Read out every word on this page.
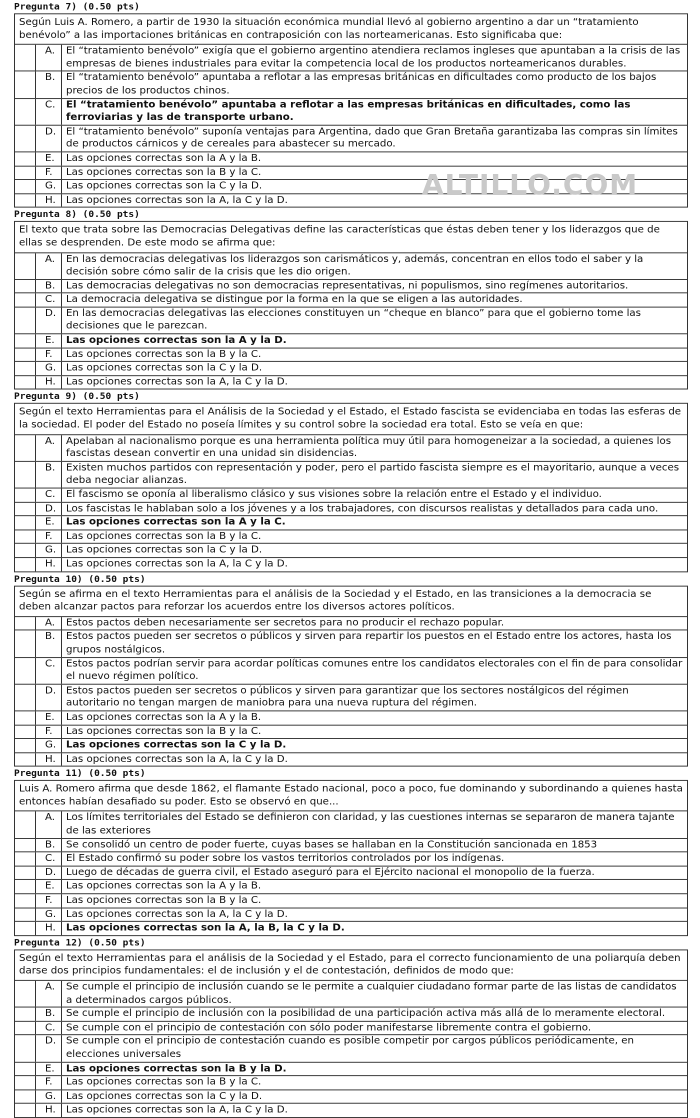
Pregunta 7) (0.50 pts)
Según Luis A. Romero, a partir de 1930 la situación económica mundial llevó al gobierno argentino a dar un “tratamiento benévolo” a las importaciones británicas en contraposición con las norteamericanas. Esto significaba que:
A.	El “tratamiento benévolo” exigía que el gobierno argentino atendiera reclamos ingleses que apuntaban a la crisis de las empresas de bienes industriales para evitar la competencia local de los productos norteamericanos durables.
B.	El “tratamiento benévolo” apuntaba a reflotar a las empresas británicas en dificultades como producto de los bajos precios de los productos chinos.
C.	El “tratamiento benévolo” apuntaba a reflotar a las empresas británicas en dificultades, como las ferroviarias y las de transporte urbano.
D. El “tratamiento benévolo” suponía ventajas para Argentina, dado que Gran Bretaña garantizaba las compras sin límites de productos cárnicos y de cereales para abastecer su mercado.
E.	Las opciones correctas son la A y la B.
F.	Las opciones correctas son la B y la C.
G. Las opciones correctas son la C y la D.
H.	Las opciones correctas son la A, la C y la D.
Pregunta 8) (0.50 pts)
El texto que trata sobre las Democracias Delegativas define las características que éstas deben tener y los liderazgos que de ellas se desprenden. De este modo se afirma que:
A.	En las democracias delegativas los liderazgos son carismáticos y, además, concentran en ellos todo el saber y la decisión sobre cómo salir de la crisis que les dio origen.
B.	Las democracias delegativas no son democracias representativas, ni populismos, sino regímenes autoritarios.
C.	La democracia delegativa se distingue por la forma en la que se eligen a las autoridades.
D. En las democracias delegativas las elecciones constituyen un “cheque en blanco” para que el gobierno tome las decisiones que le parezcan.
E.	Las opciones correctas son la A y la D.
F.	Las opciones correctas son la B y la C.
G. Las opciones correctas son la C y la D.
H.	Las opciones correctas son la A, la C y la D.
Pregunta 9) (0.50 pts)
Según el texto Herramientas para el Análisis de la Sociedad y el Estado, el Estado fascista se evidenciaba en todas las esferas de la sociedad. El poder del Estado no poseía límites y su control sobre la sociedad era total. Esto se veía en que:
A.	Apelaban al nacionalismo porque es una herramienta política muy útil para homogeneizar a la sociedad, a quienes los fascistas desean convertir en una unidad sin disidencias.
B.	Existen muchos partidos con representación y poder, pero el partido fascista siempre es el mayoritario, aunque a veces deba negociar alianzas.
C.	El fascismo se oponía al liberalismo clásico y sus visiones sobre la relación entre el Estado y el individuo.
D. Los fascistas le hablaban solo a los jóvenes y a los trabajadores, con discursos realistas y detallados para cada uno.
E.	Las opciones correctas son la A y la C.
F.	Las opciones correctas son la B y la C.
G. Las opciones correctas son la C y la D.
H.	Las opciones correctas son la A, la C y la D.
Pregunta 10) (0.50 pts)
Según se afirma en el texto Herramientas para el análisis de la Sociedad y el Estado, en las transiciones a la democracia se deben alcanzar pactos para reforzar los acuerdos entre los diversos actores políticos.
A.	Estos pactos deben necesariamente ser secretos para no producir el rechazo popular.
B.	Estos pactos pueden ser secretos o públicos y sirven para repartir los puestos en el Estado entre los actores, hasta los grupos nostálgicos.
C.	Estos pactos podrían servir para acordar políticas comunes entre los candidatos electorales con el fin de para consolidar el nuevo régimen político.
D. Estos pactos pueden ser secretos o públicos y sirven para garantizar que los sectores nostálgicos del régimen autoritario no tengan margen de maniobra para una nueva ruptura del régimen.
E.	Las opciones correctas son la A y la B.
F.	Las opciones correctas son la B y la C.
G. Las opciones correctas son la C y la D.
H.	Las opciones correctas son la A, la C y la D.
Pregunta 11) (0.50 pts)
Luis A. Romero afirma que desde 1862, el flamante Estado nacional, poco a poco, fue dominando y subordinando a quienes hasta entonces habían desafiado su poder. Esto se observó en que...
A.	Los límites territoriales del Estado se definieron con claridad, y las cuestiones internas se separaron de manera tajante de las exteriores
B.	Se consolidó un centro de poder fuerte, cuyas bases se hallaban en la Constitución sancionada en 1853
C.	El Estado confirmó su poder sobre los vastos territorios controlados por los indígenas.
D. Luego de décadas de guerra civil, el Estado aseguró para el Ejército nacional el monopolio de la fuerza.
E.	Las opciones correctas son la A y la B.
F.	Las opciones correctas son la B y la C.
G. Las opciones correctas son la A, la C y la D.
H.	Las opciones correctas son la A, la B, la C y la D.
Pregunta 12) (0.50 pts)
Según el texto Herramientas para el análisis de la Sociedad y el Estado, para el correcto funcionamiento de una poliarquía deben darse dos principios fundamentales: el de inclusión y el de contestación, definidos de modo que:
A.	Se cumple el principio de inclusión cuando se le permite a cualquier ciudadano formar parte de las listas de candidatos a determinados cargos públicos.
B.	Se cumple el principio de inclusión con la posibilidad de una participación activa más allá de lo meramente electoral.
C.	Se cumple con el principio de contestación con sólo poder manifestarse libremente contra el gobierno.
D. Se cumple con el principio de contestación cuando es posible competir por cargos públicos periódicamente, en elecciones universales
E.	Las opciones correctas son la B y la D.
F.	Las opciones correctas son la B y la C.
G. Las opciones correctas son la C y la D.
H.	Las opciones correctas son la A, la C y la D.
ALTILLO.COM
